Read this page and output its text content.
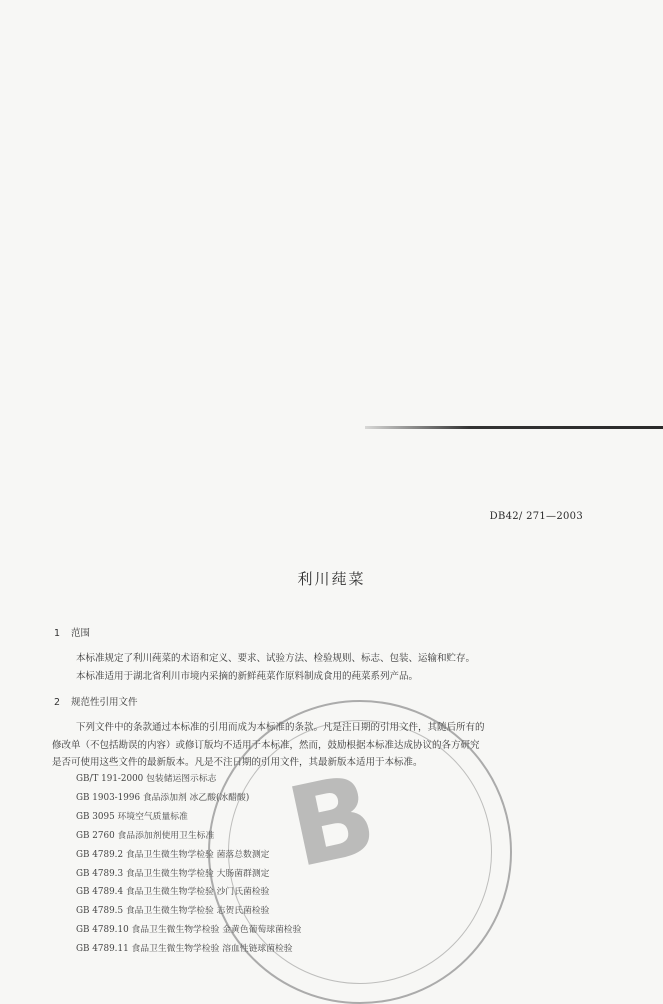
DB42/ 271—2003
利川莼菜
1 范围

本标准规定了利川莼菜的术语和定义、要求、试验方法、检验规则、标志、包装、运输和贮存。

本标准适用于湖北省利川市境内采摘的新鲜莼菜作原料制成食用的莼菜系列产品。

2 规范性引用文件

下列文件中的条款通过本标准的引用而成为本标准的条款。凡是注日期的引用文件，其随后所有的

修改单（不包括勘误的内容）或修订版均不适用于本标准，然而，鼓励根据本标准达成协议的各方研究

是否可使用这些文件的最新版本。凡是不注日期的引用文件，其最新版本适用于本标准。

GB/T 191-2000 包装储运图示标志
GB 1903-1996 食品添加剂 冰乙酸(冰醋酸)
GB 3095 环境空气质量标准
GB 2760 食品添加剂使用卫生标准
GB 4789.2 食品卫生微生物学检验 菌落总数测定
GB 4789.3 食品卫生微生物学检验 大肠菌群测定
GB 4789.4 食品卫生微生物学检验 沙门氏菌检验
GB 4789.5 食品卫生微生物学检验 志贺氏菌检验
GB 4789.10 食品卫生微生物学检验 金黄色葡萄球菌检验
GB 4789.11 食品卫生微生物学检验 溶血性链球菌检验
B
